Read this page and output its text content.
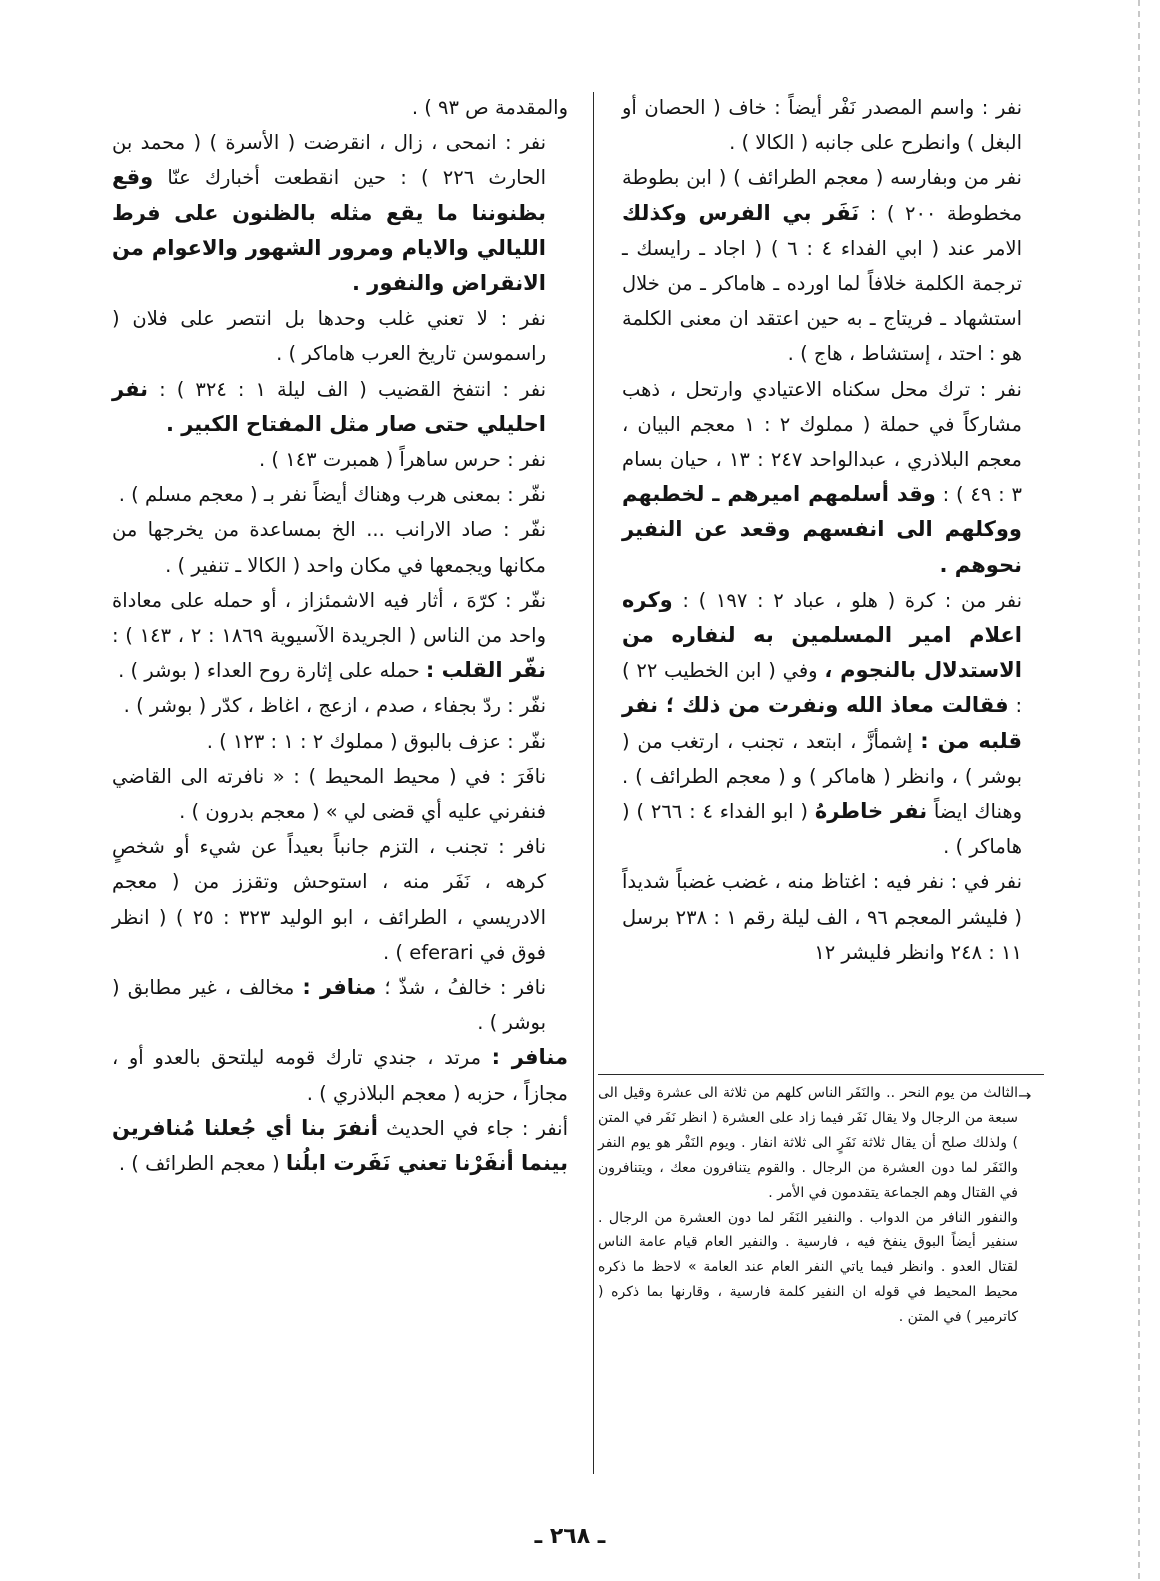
نفر : واسم المصدر نَفْر أيضاً : خاف ( الحصان أو البغل ) وانطرح على جانبه ( الكالا ) .

نفر من وبفارسه ( معجم الطرائف ) ( ابن بطوطة مخطوطة ٢٠٠ ) : نَفَر بي الفرس وكذلك الامر عند ( ابي الفداء ٤ : ٦ ) ( اجاد ـ رايسك ـ ترجمة الكلمة خلافاً لما اورده ـ هاماكر ـ من خلال استشهاد ـ فريتاج ـ به حين اعتقد ان معنى الكلمة هو : احتد ، إستشاط ، هاج ) .

نفر : ترك محل سكناه الاعتيادي وارتحل ، ذهب مشاركاً في حملة ( مملوك ٢ : ١ معجم البيان ، معجم البلاذري ، عبدالواحد ٢٤٧ : ١٣ ، حيان بسام ٣ : ٤٩ ) : وقد أسلمهم اميرهم ـ لخطبهم ووكلهم الى انفسهم وقعد عن النفير نحوهم .

نفر من : كرة ( هلو ، عباد ٢ : ١٩٧ ) : وكره اعلام امير المسلمين به لنفاره من الاستدلال بالنجوم ، وفي ( ابن الخطيب ٢٢ ) : فقالت معاذ الله ونفرت من ذلك ؛ نفر قلبه من : إشمأزَّ ، ابتعد ، تجنب ، ارتغب من ( بوشر ) ، وانظر ( هاماكر ) و ( معجم الطرائف ) . وهناك ايضاً نفر خاطرهُ ( ابو الفداء ٤ : ٢٦٦ ) ( هاماكر ) .

نفر في : نفر فيه : اغتاظ منه ، غضب غضباً شديداً ( فليشر المعجم ٩٦ ، الف ليلة رقم ١ : ٢٣٨ برسل ١١ : ٢٤٨ وانظر فليشر ١٢

والمقدمة ص ٩٣ ) .

نفر : انمحى ، زال ، انقرضت ( الأسرة ) ( محمد بن الحارث ٢٢٦ ) : حين انقطعت أخبارك عنّا وقع بظنوننا ما يقع مثله بالظنون على فرط الليالي والايام ومرور الشهور والاعوام من الانقراض والنفور .

نفر : لا تعني غلب وحدها بل انتصر على فلان ( راسموسن تاريخ العرب هاماكر ) .

نفر : انتفخ القضيب ( الف ليلة ١ : ٣٢٤ ) : نفر احليلي حتى صار مثل المفتاح الكبير .

نفر : حرس ساهراً ( همبرت ١٤٣ ) .

نفّر : بمعنى هرب وهناك أيضاً نفر بـ ( معجم مسلم ) .

نفّر : صاد الارانب ... الخ بمساعدة من يخرجها من مكانها ويجمعها في مكان واحد ( الكالا ـ تنفير ) .

نفّر : كرّهَ ، أثار فيه الاشمئزاز ، أو حمله على معاداة واحد من الناس ( الجريدة الآسيوية ١٨٦٩ : ٢ ، ١٤٣ ) : نفّر القلب : حمله على إثارة روح العداء ( بوشر ) .

نفّر : ردّ بجفاء ، صدم ، ازعج ، اغاظ ، كدّر ( بوشر ) .

نفّر : عزف بالبوق ( مملوك ٢ : ١ : ١٢٣ ) .

نافَرَ : في ( محيط المحيط ) : « نافرته الى القاضي فنفرني عليه أي قضى لي » ( معجم بدرون ) .

نافر : تجنب ، التزم جانباً بعيداً عن شيء أو شخصٍ كرهه ، نَفَر منه ، استوحش وتقزز من ( معجم الادريسي ، الطرائف ، ابو الوليد ٣٢٣ : ٢٥ ) ( انظر فوق في eferari ) .

نافر : خالفُ ، شذّ ؛ منافر : مخالف ، غير مطابق ( بوشر ) .

منافر : مرتد ، جندي تارك قومه ليلتحق بالعدو أو ، مجازاً ، حزبه ( معجم البلاذري ) .

أنفر : جاء في الحديث أنفرَ بنا أي جُعلنا مُنافرين بينما أنفَرْنا تعني نَفَرت ابلُنا ( معجم الطرائف ) .

→

الثالث من يوم النحر .. والنَفَر الناس كلهم من ثلاثة الى عشرة وقيل الى سبعة من الرجال ولا يقال نَفَر فيما زاد على العشرة ( انظر نَفَر في المتن ) ولذلك صلح أن يقال ثلاثة نَفَرٍ الى ثلاثة انفار . ويوم النَفْر هو يوم النفر والنَفَر لما دون العشرة من الرجال . والقوم يتنافرون معك ، ويتنافرون في القتال وهم الجماعة يتقدمون في الأمر .

والنفور النافر من الدواب . والنفير النَفَر لما دون العشرة من الرجال . سنفير أيضاً البوق ينفخ فيه ، فارسية . والنفير العام قيام عامة الناس لقتال العدو . وانظر فيما ياتي النفر العام عند العامة » لاحظ ما ذكره محيط المحيط في قوله ان النفير كلمة فارسية ، وقارنها بما ذكره ( كاترمير ) في المتن .

ـ ٢٦٨ ـ
